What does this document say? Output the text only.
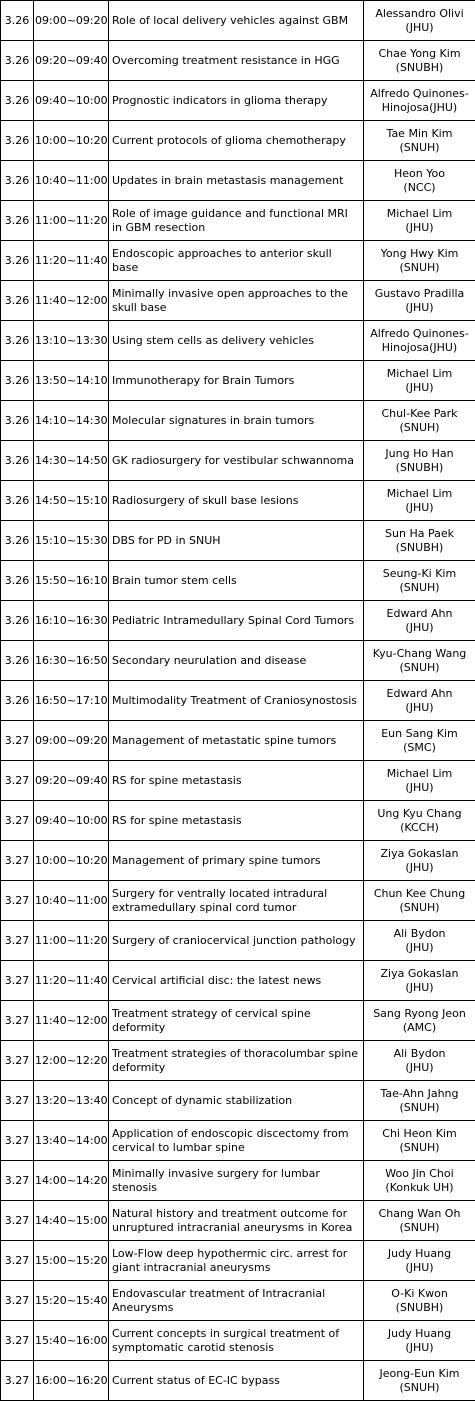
3.26	09:00~09:20	Role of local delivery vehicles against GBM	Alessandro Olivi
(JHU)

3.26	09:20~09:40	Overcoming treatment resistance in HGG	Chae Yong Kim
(SNUBH)

3.26	09:40~10:00	Prognostic indicators in glioma therapy	Alfredo Quinones-
Hinojosa(JHU)

3.26	10:00~10:20	Current protocols of glioma chemotherapy	Tae Min Kim
(SNUH)

3.26	10:40~11:00	Updates in brain metastasis management	Heon Yoo
(NCC)

3.26	11:00~11:20	Role of image guidance and functional MRI in GBM resection	Michael Lim
(JHU)

3.26	11:20~11:40	Endoscopic approaches to anterior skull base	Yong Hwy Kim
(SNUH)

3.26	11:40~12:00	Minimally invasive open approaches to the skull base	Gustavo Pradilla
(JHU)

3.26	13:10~13:30	Using stem cells as delivery vehicles	Alfredo Quinones-
Hinojosa(JHU)

3.26	13:50~14:10	Immunotherapy for Brain Tumors	Michael Lim
(JHU)

3.26	14:10~14:30	Molecular signatures in brain tumors	Chul-Kee Park
(SNUH)

3.26	14:30~14:50	GK radiosurgery for vestibular schwannoma	Jung Ho Han
(SNUBH)

3.26	14:50~15:10	Radiosurgery of skull base lesions	Michael Lim
(JHU)

3.26	15:10~15:30	DBS for PD in SNUH	Sun Ha Paek
(SNUBH)

3.26	15:50~16:10	Brain tumor stem cells	Seung-Ki Kim
(SNUH)

3.26	16:10~16:30	Pediatric Intramedullary Spinal Cord Tumors	Edward Ahn
(JHU)

3.26	16:30~16:50	Secondary neurulation and disease	Kyu-Chang Wang
(SNUH)

3.26	16:50~17:10	Multimodality Treatment of Craniosynostosis	Edward Ahn
(JHU)

3.27	09:00~09:20	Management of metastatic spine tumors	Eun Sang Kim
(SMC)

3.27	09:20~09:40	RS for spine metastasis	Michael Lim
(JHU)

3.27	09:40~10:00	RS for spine metastasis	Ung Kyu Chang
(KCCH)

3.27	10:00~10:20	Management of primary spine tumors	Ziya Gokaslan
(JHU)

3.27	10:40~11:00	Surgery for ventrally located intradural extramedullary spinal cord tumor	Chun Kee Chung
(SNUH)

3.27	11:00~11:20	Surgery of craniocervical junction pathology	Ali Bydon
(JHU)

3.27	11:20~11:40	Cervical artificial disc: the latest news	Ziya Gokaslan
(JHU)

3.27	11:40~12:00	Treatment strategy of cervical spine deformity	Sang Ryong Jeon
(AMC)

3.27	12:00~12:20	Treatment strategies of thoracolumbar spine deformity	Ali Bydon
(JHU)

3.27	13:20~13:40	Concept of dynamic stabilization	Tae-Ahn Jahng
(SNUH)

3.27	13:40~14:00	Application of endoscopic discectomy from cervical to lumbar spine	Chi Heon Kim
(SNUH)

3.27	14:00~14:20	Minimally invasive surgery for lumbar stenosis	Woo Jin Choi
(Konkuk UH)

3.27	14:40~15:00	Natural history and treatment outcome for unruptured intracranial aneurysms in Korea	Chang Wan Oh
(SNUH)

3.27	15:00~15:20	Low-Flow deep hypothermic circ. arrest for giant intracranial aneurysms	Judy Huang
(JHU)

3.27	15:20~15:40	Endovascular treatment of Intracranial Aneurysms	O-Ki Kwon
(SNUBH)

3.27	15:40~16:00	Current concepts in surgical treatment of symptomatic carotid stenosis	Judy Huang
(JHU)

3.27	16:00~16:20	Current status of EC-IC bypass	Jeong-Eun Kim
(SNUH)
